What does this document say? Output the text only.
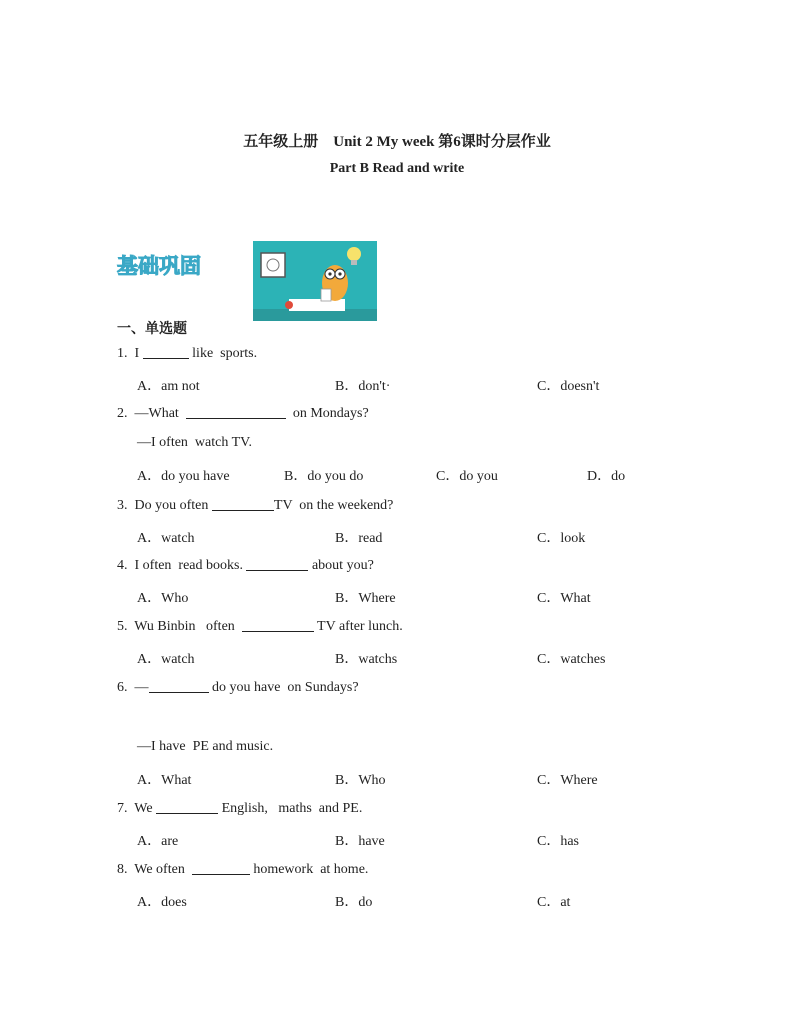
五年级上册　Unit 2 My week 第6课时分层作业
Part B Read and write
基础巩固
一、单选题
1. I	like  sports.
A．am not	B．don't·	C．doesn't
2. —What	on Mondays?
—I often  watch TV.
A．do you have	B．do you do	C．do you	D．do
3. Do you often	TV  on the weekend?
A．watch	B．read	C．look
4. I often  read books.	about you?
A．Who	B．Where	C．What
5. Wu Binbin   often	TV after lunch.
A．watch	B．watchs	C．watches
6. —	do you have  on Sundays?
—I have  PE and music.
A．What	B．Who	C．Where
7. We	English,   maths  and PE.
A．are	B．have	C．has
8. We often	homework  at home.
A．does	B．do	C．at
